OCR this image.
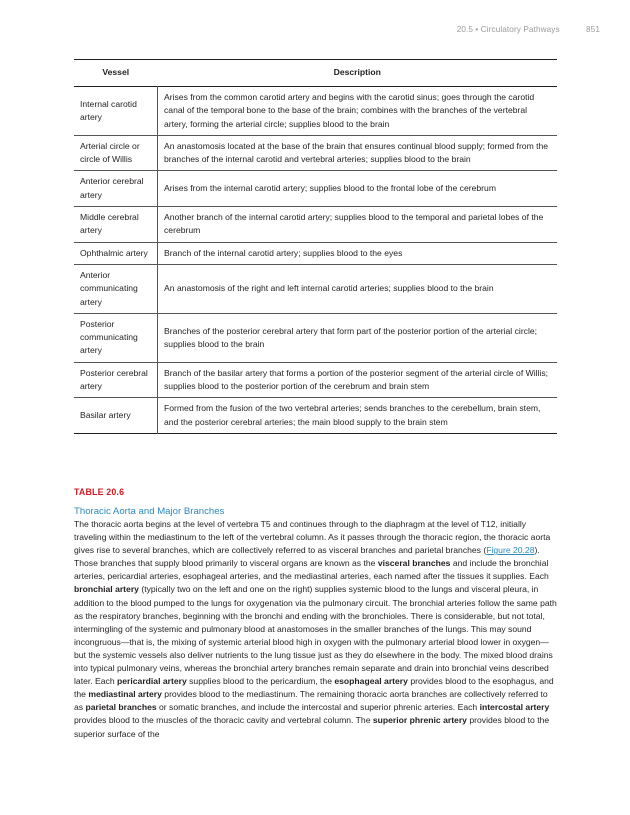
20.5 • Circulatory Pathways	851
Vessel	Description
Internal carotid artery	Arises from the common carotid artery and begins with the carotid sinus; goes through the carotid canal of the temporal bone to the base of the brain; combines with the branches of the vertebral artery, forming the arterial circle; supplies blood to the brain
Arterial circle or circle of Willis	An anastomosis located at the base of the brain that ensures continual blood supply; formed from the branches of the internal carotid and vertebral arteries; supplies blood to the brain
Anterior cerebral artery	Arises from the internal carotid artery; supplies blood to the frontal lobe of the cerebrum
Middle cerebral artery	Another branch of the internal carotid artery; supplies blood to the temporal and parietal lobes of the cerebrum
Ophthalmic artery	Branch of the internal carotid artery; supplies blood to the eyes
Anterior communicating artery	An anastomosis of the right and left internal carotid arteries; supplies blood to the brain
Posterior communicating artery	Branches of the posterior cerebral artery that form part of the posterior portion of the arterial circle; supplies blood to the brain
Posterior cerebral artery	Branch of the basilar artery that forms a portion of the posterior segment of the arterial circle of Willis; supplies blood to the posterior portion of the cerebrum and brain stem
Basilar artery	Formed from the fusion of the two vertebral arteries; sends branches to the cerebellum, brain stem, and the posterior cerebral arteries; the main blood supply to the brain stem
TABLE 20.6
Thoracic Aorta and Major Branches

The thoracic aorta begins at the level of vertebra T5 and continues through to the diaphragm at the level of T12, initially traveling within the mediastinum to the left of the vertebral column. As it passes through the thoracic region, the thoracic aorta gives rise to several branches, which are collectively referred to as visceral branches and parietal branches (Figure 20.28). Those branches that supply blood primarily to visceral organs are known as the visceral branches and include the bronchial arteries, pericardial arteries, esophageal arteries, and the mediastinal arteries, each named after the tissues it supplies. Each bronchial artery (typically two on the left and one on the right) supplies systemic blood to the lungs and visceral pleura, in addition to the blood pumped to the lungs for oxygenation via the pulmonary circuit. The bronchial arteries follow the same path as the respiratory branches, beginning with the bronchi and ending with the bronchioles. There is considerable, but not total, intermingling of the systemic and pulmonary blood at anastomoses in the smaller branches of the lungs. This may sound incongruous—that is, the mixing of systemic arterial blood high in oxygen with the pulmonary arterial blood lower in oxygen—but the systemic vessels also deliver nutrients to the lung tissue just as they do elsewhere in the body. The mixed blood drains into typical pulmonary veins, whereas the bronchial artery branches remain separate and drain into bronchial veins described later. Each pericardial artery supplies blood to the pericardium, the esophageal artery provides blood to the esophagus, and the mediastinal artery provides blood to the mediastinum. The remaining thoracic aorta branches are collectively referred to as parietal branches or somatic branches, and include the intercostal and superior phrenic arteries. Each intercostal artery provides blood to the muscles of the thoracic cavity and vertebral column. The superior phrenic artery provides blood to the superior surface of the
